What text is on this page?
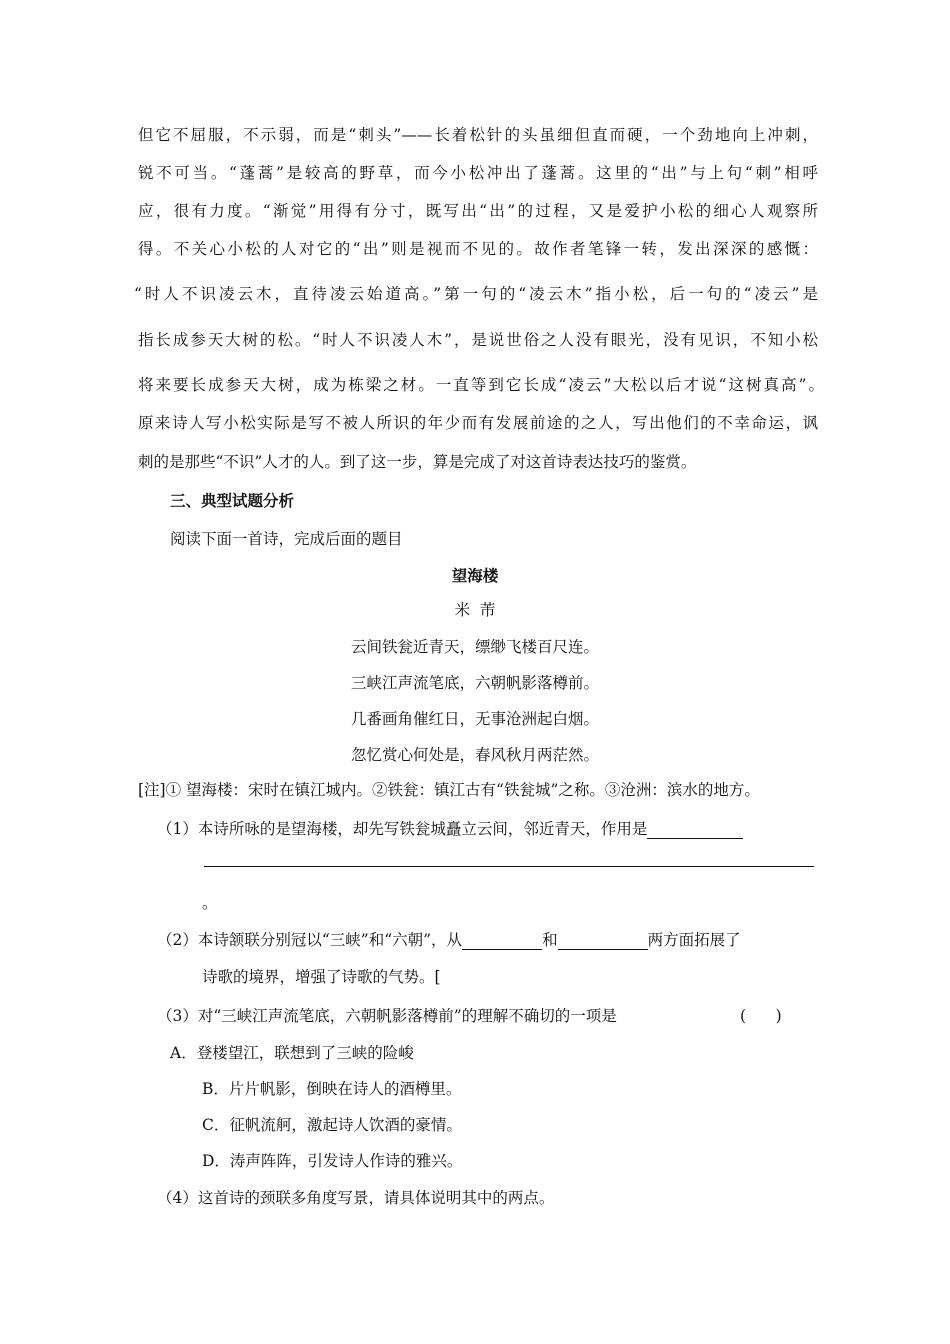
但它不屈服，不示弱，而是“刺头”——长着松针的头虽细但直而硬，一个劲地向上冲刺，
锐不可当。“蓬蒿”是较高的野草，而今小松冲出了蓬蒿。这里的“出”与上句“刺”相呼
应，很有力度。“渐觉”用得有分寸，既写出“出”的过程，又是爱护小松的细心人观察所
得。不关心小松的人对它的“出”则是视而不见的。故作者笔锋一转，发出深深的感慨：
“时人不识凌云木，直待凌云始道高。”第一句的“凌云木”指小松，后一句的“凌云”是
指长成参天大树的松。“时人不识凌人木”，是说世俗之人没有眼光，没有见识，不知小松
将来要长成参天大树，成为栋梁之材。一直等到它长成“凌云”大松以后才说“这树真高”。
原来诗人写小松实际是写不被人所识的年少而有发展前途的之人，写出他们的不幸命运，讽
刺的是那些“不识”人才的人。到了这一步，算是完成了对这首诗表达技巧的鉴赏。
三、典型试题分析
阅读下面一首诗，完成后面的题目
望海楼
米  芾
云间铁瓮近青天，缥缈飞楼百尺连。
三峡江声流笔底，六朝帆影落樽前。
几番画角催红日，无事沧洲起白烟。
忽忆赏心何处是，春风秋月两茫然。
[注]① 望海楼：宋时在镇江城内。②铁瓮：镇江古有“铁瓮城”之称。③沧洲：滨水的地方。
（1）本诗所咏的是望海楼，却先写铁瓮城矗立云间，邻近青天，作用是
。
（2）本诗颔联分别冠以“三峡”和“六朝”，从	和	两方面拓展了
诗歌的境界，增强了诗歌的气势。[
（3）对“三峡江声流笔底，六朝帆影落樽前”的理解不确切的一项是	(      )
A．登楼望江，联想到了三峡的险峻
B．片片帆影，倒映在诗人的酒樽里。
C．征帆流舸，激起诗人饮酒的豪情。
D．涛声阵阵，引发诗人作诗的雅兴。
（4）这首诗的颈联多角度写景，请具体说明其中的两点。
